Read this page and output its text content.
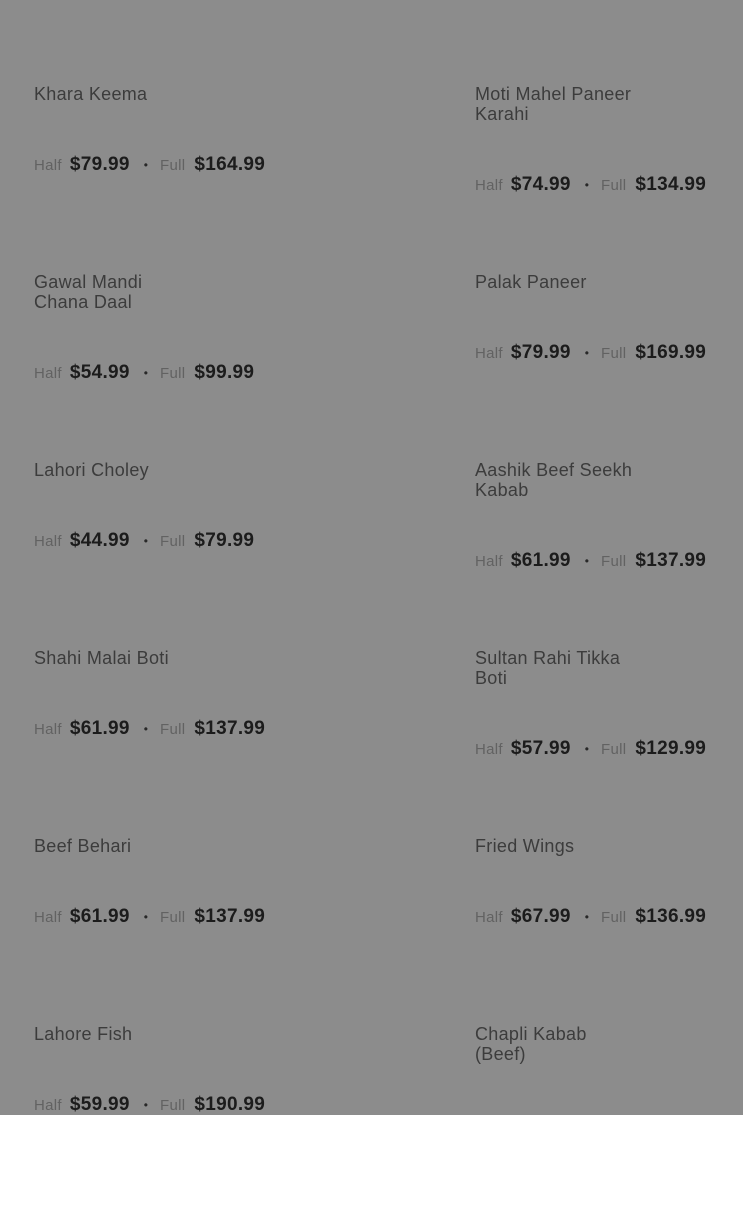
Khara Keema
Half $79.99 • Full $164.99
Moti Mahel Paneer
Karahi
Half $74.99 • Full $134.99
Gawal Mandi
Chana Daal
Half $54.99 • Full $99.99
Palak Paneer
Half $79.99 • Full $169.99
Lahori Choley
Half $44.99 • Full $79.99
Aashik Beef Seekh
Kabab
Half $61.99 • Full $137.99
Shahi Malai Boti
Half $61.99 • Full $137.99
Sultan Rahi Tikka
Boti
Half $57.99 • Full $129.99
Beef Behari
Half $61.99 • Full $137.99
Fried Wings
Half $67.99 • Full $136.99
Lahore Fish
Half $59.99 • Full $190.99
Chapli Kabab
(Beef)
